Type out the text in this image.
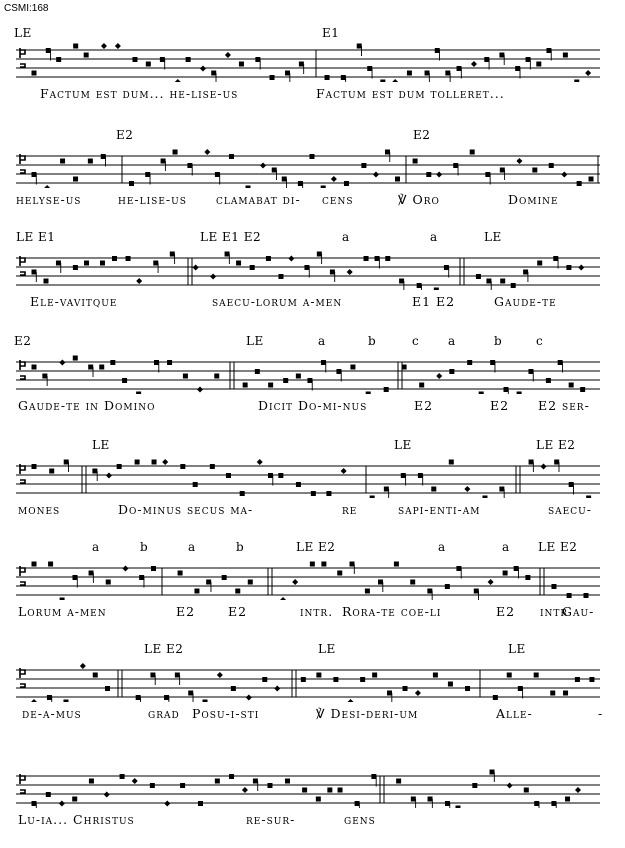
CSMI:168
LE	E1
Factum est dum... he-lise-us	Factum est dum tolleret...
E2	E2
helyse-us	he-lise-us clamabat di- cens	℣ Oro	Domine
LE E1	LE E1 E2	a	a	LE
Ele-vavitque	saecu-lorum a-men	E1 E2	Gaude-te
E2	LE	a	b	c a	b	c
Gaude-te in Domino	Dicit Do-mi-nus	E2	E2 E2 ser-
LE	LE	LE E2
mones	Do-minus secus ma-	re	sapi-enti-am	saecu-
a	b	a	b	LE E2	a	a LE E2
Lorum a-men	E2	E2	intr. Rora-te coe-li	E2 intr
Gau-
LE E2	LE	LE
de-a-mus	grad Posu-i-sti	℣ Desi-deri-um	Alle-	-
Lu-ia... Christus	re-sur-	gens
